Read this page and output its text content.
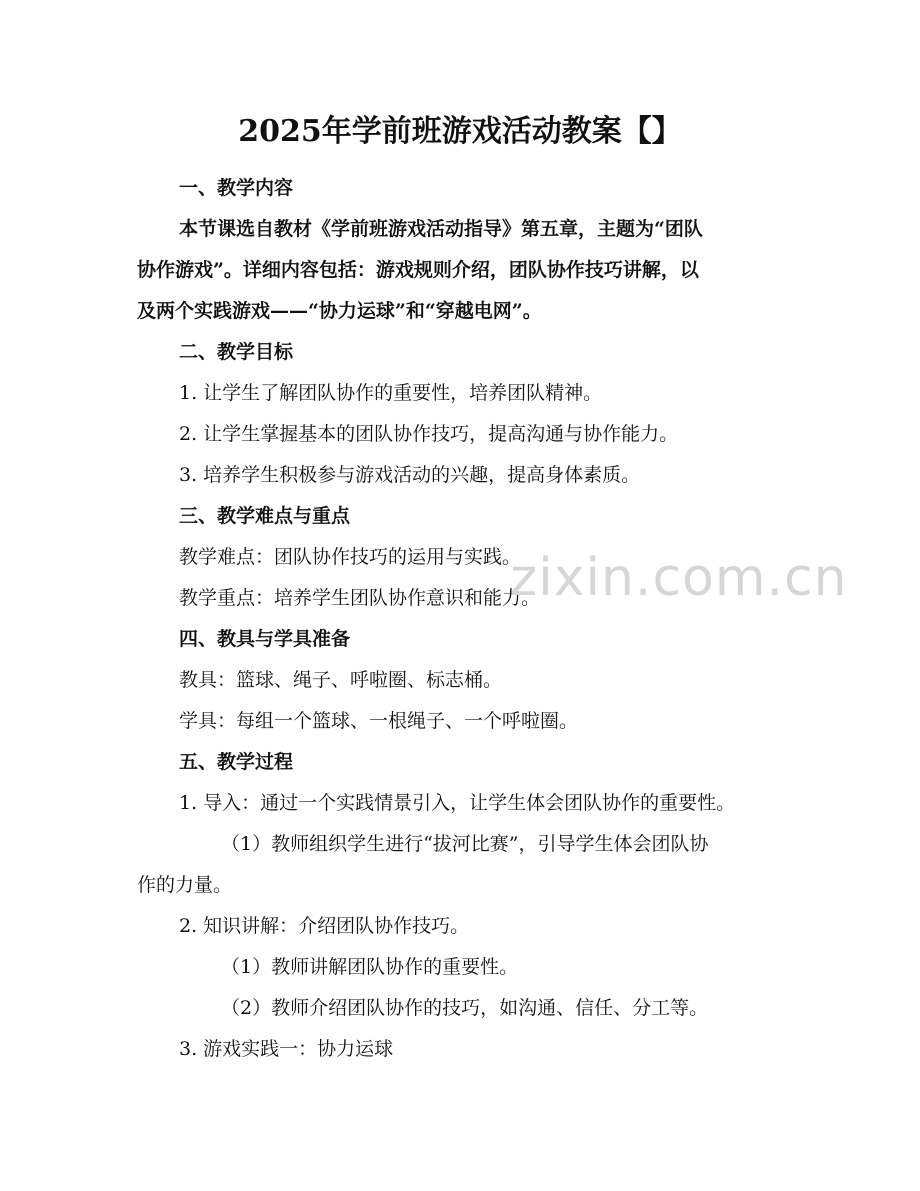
2025年学前班游戏活动教案【】
一、教学内容
本节课选自教材《学前班游戏活动指导》第五章，主题为“团队
协作游戏”。详细内容包括：游戏规则介绍，团队协作技巧讲解，以
及两个实践游戏——“协力运球”和“穿越电网”。
二、教学目标
1. 让学生了解团队协作的重要性，培养团队精神。
2. 让学生掌握基本的团队协作技巧，提高沟通与协作能力。
3. 培养学生积极参与游戏活动的兴趣，提高身体素质。
三、教学难点与重点
教学难点：团队协作技巧的运用与实践。
教学重点：培养学生团队协作意识和能力。
四、教具与学具准备
教具：篮球、绳子、呼啦圈、标志桶。
学具：每组一个篮球、一根绳子、一个呼啦圈。
五、教学过程
1. 导入：通过一个实践情景引入，让学生体会团队协作的重要性。
（1）教师组织学生进行“拔河比赛”，引导学生体会团队协
作的力量。
2. 知识讲解：介绍团队协作技巧。
（1）教师讲解团队协作的重要性。
（2）教师介绍团队协作的技巧，如沟通、信任、分工等。
3. 游戏实践一：协力运球
zixin.com.cn
